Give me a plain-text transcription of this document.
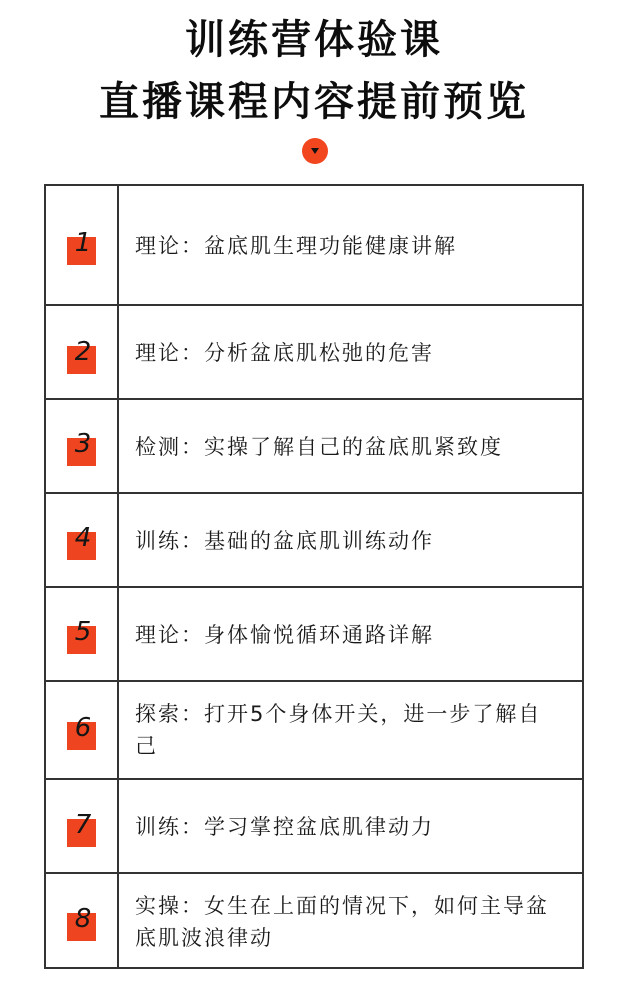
训练营体验课
直播课程内容提前预览
1 理论：盆底肌生理功能健康讲解
2 理论：分析盆底肌松弛的危害
3 检测：实操了解自己的盆底肌紧致度
4 训练：基础的盆底肌训练动作
5 理论：身体愉悦循环通路详解
6 探索：打开5个身体开关，进一步了解自己
7 训练：学习掌控盆底肌律动力
8 实操：女生在上面的情况下，如何主导盆底肌波浪律动
